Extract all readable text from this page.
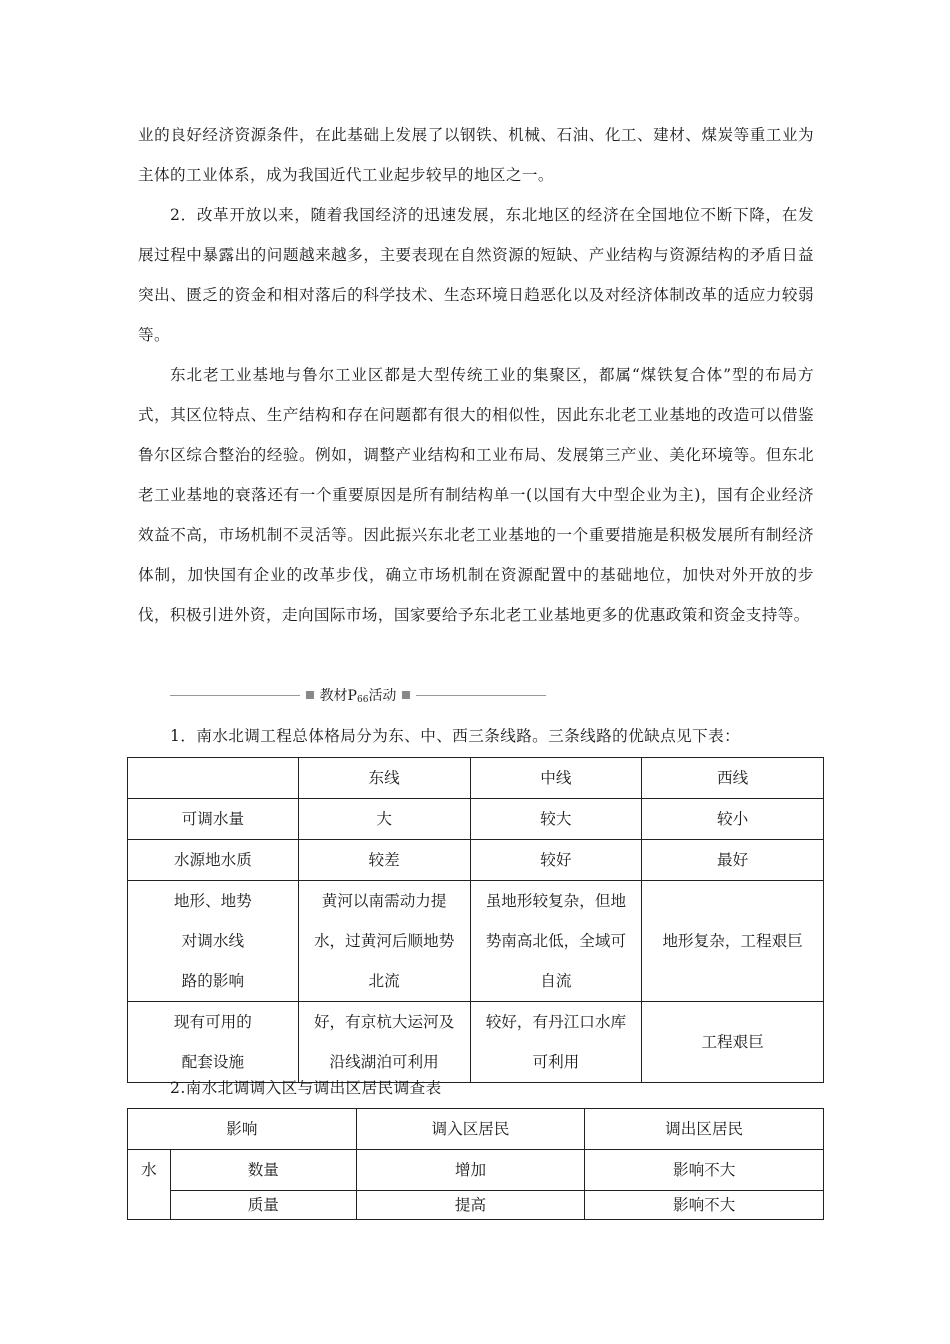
业的良好经济资源条件，在此基础上发展了以钢铁、机械、石油、化工、建材、煤炭等重工业为主体的工业体系，成为我国近代工业起步较早的地区之一。

2．改革开放以来，随着我国经济的迅速发展，东北地区的经济在全国地位不断下降，在发展过程中暴露出的问题越来越多，主要表现在自然资源的短缺、产业结构与资源结构的矛盾日益突出、匮乏的资金和相对落后的科学技术、生态环境日趋恶化以及对经济体制改革的适应力较弱等。

东北老工业基地与鲁尔工业区都是大型传统工业的集聚区，都属“煤铁复合体”型的布局方式，其区位特点、生产结构和存在问题都有很大的相似性，因此东北老工业基地的改造可以借鉴鲁尔区综合整治的经验。例如，调整产业结构和工业布局、发展第三产业、美化环境等。但东北老工业基地的衰落还有一个重要原因是所有制结构单一(以国有大中型企业为主)，国有企业经济效益不高，市场机制不灵活等。因此振兴东北老工业基地的一个重要措施是积极发展所有制经济体制，加快国有企业的改革步伐，确立市场机制在资源配置中的基础地位，加快对外开放的步伐，积极引进外资，走向国际市场，国家要给予东北老工业基地更多的优惠政策和资金支持等。

教材$P_{66}$活动
1．南水北调工程总体格局分为东、中、西三条线路。三条线路的优缺点见下表：
	东线	中线	西线
可调水量	大	较大	较小
水源地水质	较差	较好	最好

地形、地势
对调水线
路的影响	黄河以南需动力提水，过黄河后顺地势北流	虽地形较复杂，但地势南高北低，全域可自流	地形复杂，工程艰巨

现有可用的
配套设施	好，有京杭大运河及沿线湖泊可利用	较好，有丹江口水库可利用	工程艰巨
2.南水北调调入区与调出区居民调查表
影响		调入区居民	调出区居民
水	数量	增加	影响不大
	质量	提高	影响不大
